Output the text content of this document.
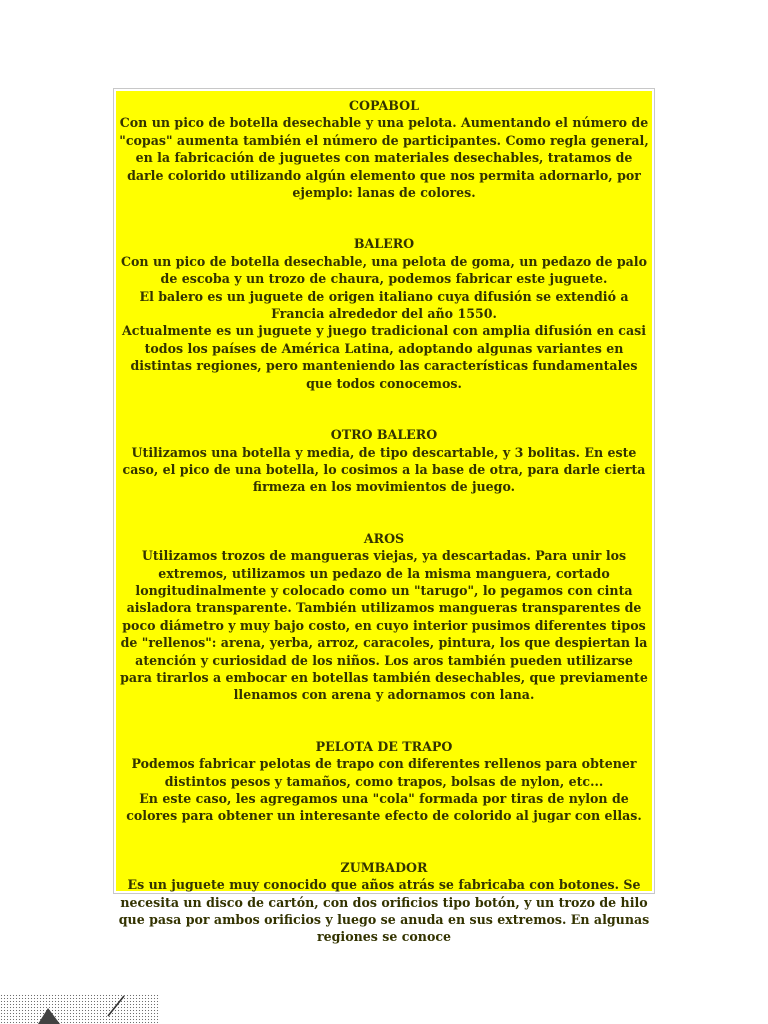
COPABOL
Con un pico de botella desechable y una pelota. Aumentando el número de "copas" aumenta también el número de participantes. Como regla general, en la fabricación de juguetes con materiales desechables, tratamos de darle colorido utilizando algún elemento que nos permita adornarlo, por ejemplo: lanas de colores.
BALERO
Con un pico de botella desechable, una pelota de goma, un pedazo de palo de escoba y un trozo de chaura, podemos fabricar este juguete.
El balero es un juguete de origen italiano cuya difusión se extendió a Francia alrededor del año 1550.
Actualmente es un juguete y juego tradicional con amplia difusión en casi todos los países de América Latina, adoptando algunas variantes en distintas regiones, pero manteniendo las características fundamentales que todos conocemos.
OTRO BALERO
Utilizamos una botella y media, de tipo descartable, y 3 bolitas. En este caso, el pico de una botella, lo cosimos a la base de otra, para darle cierta firmeza en los movimientos de juego.
AROS
Utilizamos trozos de mangueras viejas, ya descartadas. Para unir los extremos, utilizamos un pedazo de la misma manguera, cortado longitudinalmente y colocado como un "tarugo", lo pegamos con cinta aisladora transparente. También utilizamos mangueras transparentes de poco diámetro y muy bajo costo, en cuyo interior pusimos diferentes tipos de "rellenos": arena, yerba, arroz, caracoles, pintura, los que despiertan la atención y curiosidad de los niños. Los aros también pueden utilizarse para tirarlos a embocar en botellas también desechables, que previamente llenamos con arena y adornamos con lana.
PELOTA DE TRAPO
Podemos fabricar pelotas de trapo con diferentes rellenos para obtener distintos pesos y tamaños, como trapos, bolsas de nylon, etc...
En este caso, les agregamos una "cola" formada por tiras de nylon de colores para obtener un interesante efecto de colorido al jugar con ellas.
ZUMBADOR
Es un juguete muy conocido que años atrás se fabricaba con botones. Se necesita un disco de cartón, con dos orificios tipo botón, y un trozo de hilo que pasa por ambos orificios y luego se anuda en sus extremos. En algunas regiones se conoce
